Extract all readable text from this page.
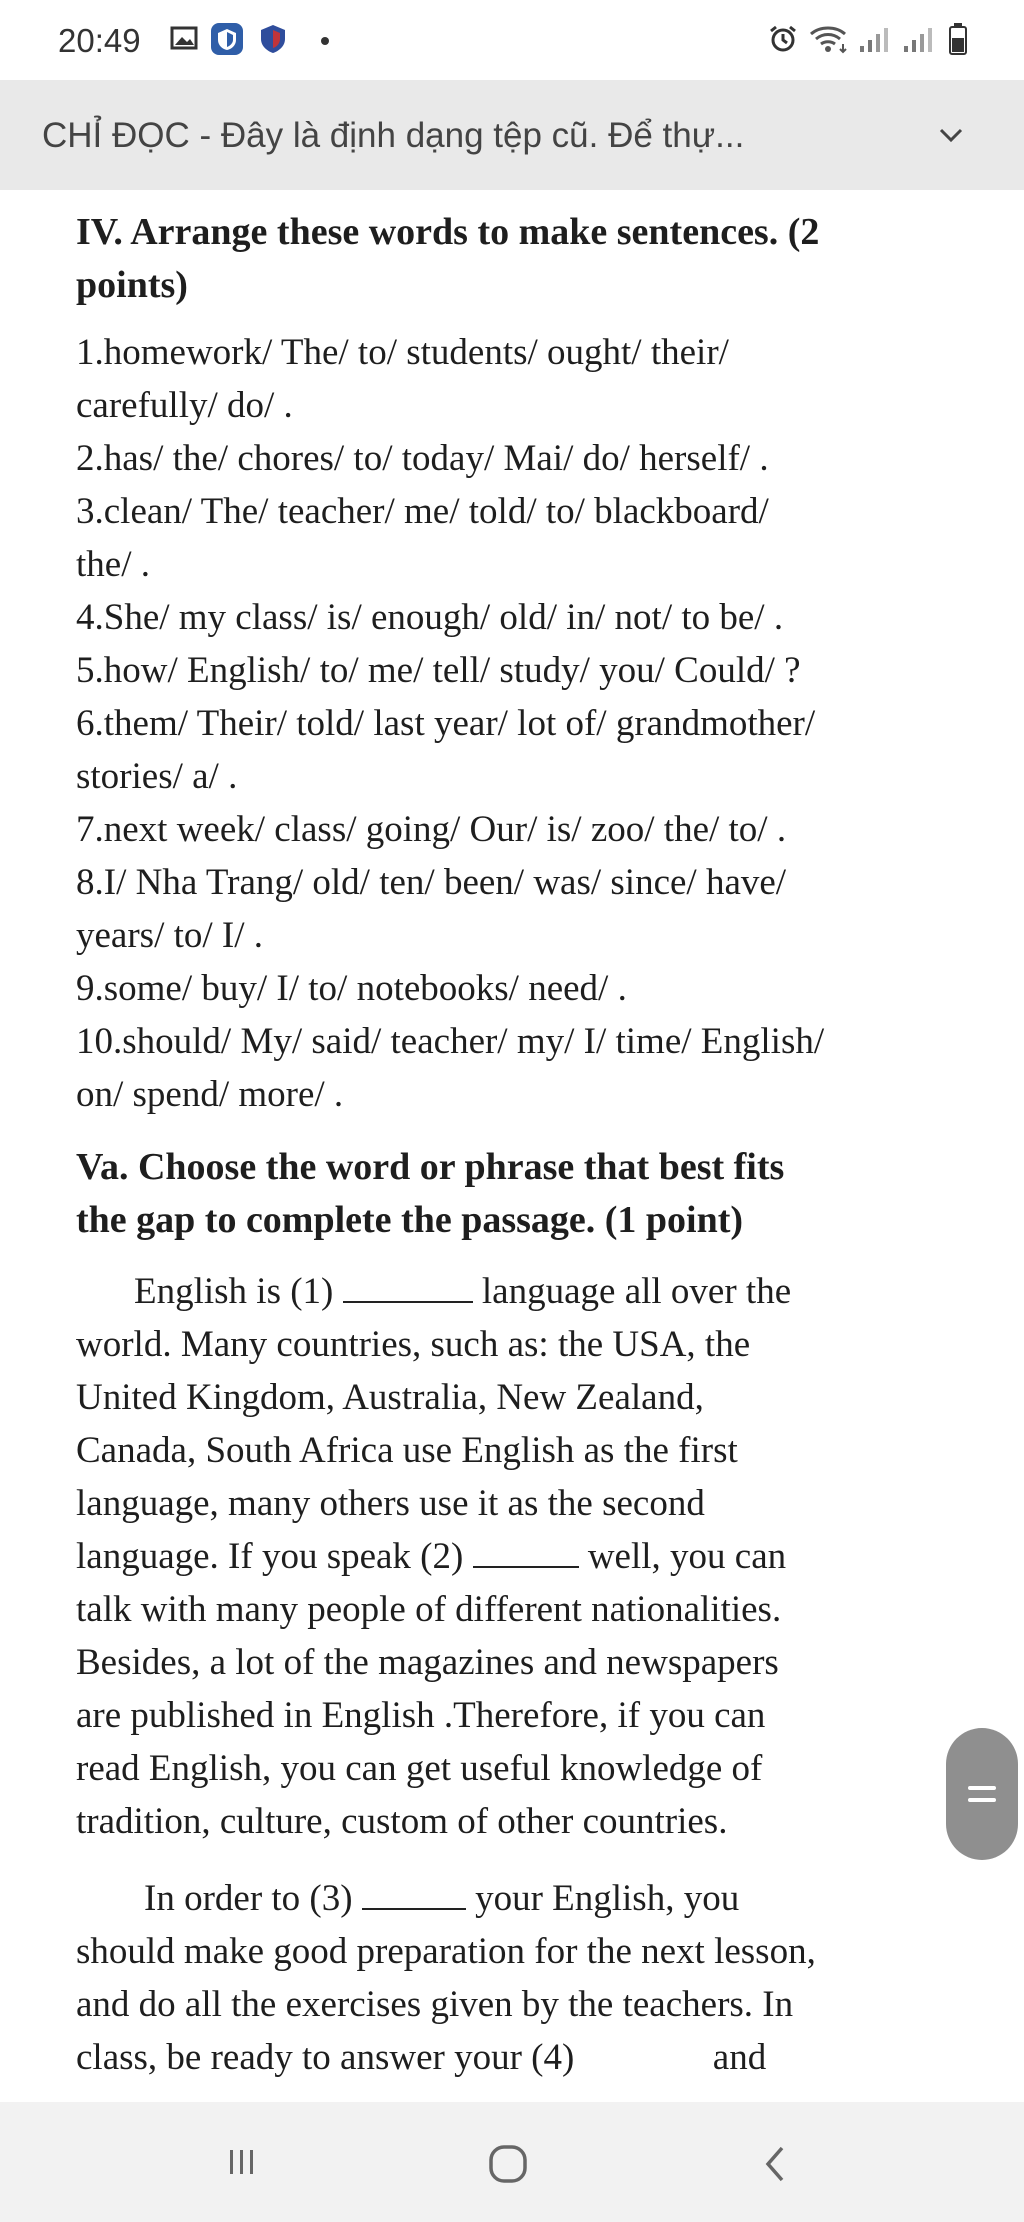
20:49
CHỈ ĐỌC - Đây là định dạng tệp cũ. Để thự...

IV. Arrange these words to make sentences. (2
points)

1.homework/ The/ to/ students/ ought/ their/

carefully/ do/ .

2.has/ the/ chores/ to/ today/ Mai/ do/ herself/ .

3.clean/ The/ teacher/ me/ told/ to/ blackboard/

the/ .

4.She/ my class/ is/ enough/ old/ in/ not/ to be/ .

5.how/ English/ to/ me/ tell/ study/ you/ Could/ ?

6.them/ Their/ told/ last year/ lot of/ grandmother/

stories/ a/ .

7.next week/ class/ going/ Our/ is/ zoo/ the/ to/ .

8.I/ Nha Trang/ old/ ten/ been/ was/ since/ have/

years/ to/ I/ .

9.some/ buy/ I/ to/ notebooks/ need/ .

10.should/ My/ said/ teacher/ my/ I/ time/ English/

on/ spend/ more/ .

Va. Choose the word or phrase that best fits
the gap to complete the passage. (1 point)

English is (1)	language all over the

world. Many countries, such as: the USA, the

United Kingdom, Australia, New Zealand,

Canada, South Africa use English as the first

language, many others use it as the second

language. If you speak (2)	well, you can

talk with many people of different nationalities.

Besides, a lot of the magazines and newspapers

are published in English .Therefore, if you can

read English, you can get useful knowledge of

tradition, culture, custom of other countries.

In order to (3)	your English, you

should make good preparation for the next lesson,

and do all the exercises given by the teachers. In

class, be ready to answer your (4)	and
